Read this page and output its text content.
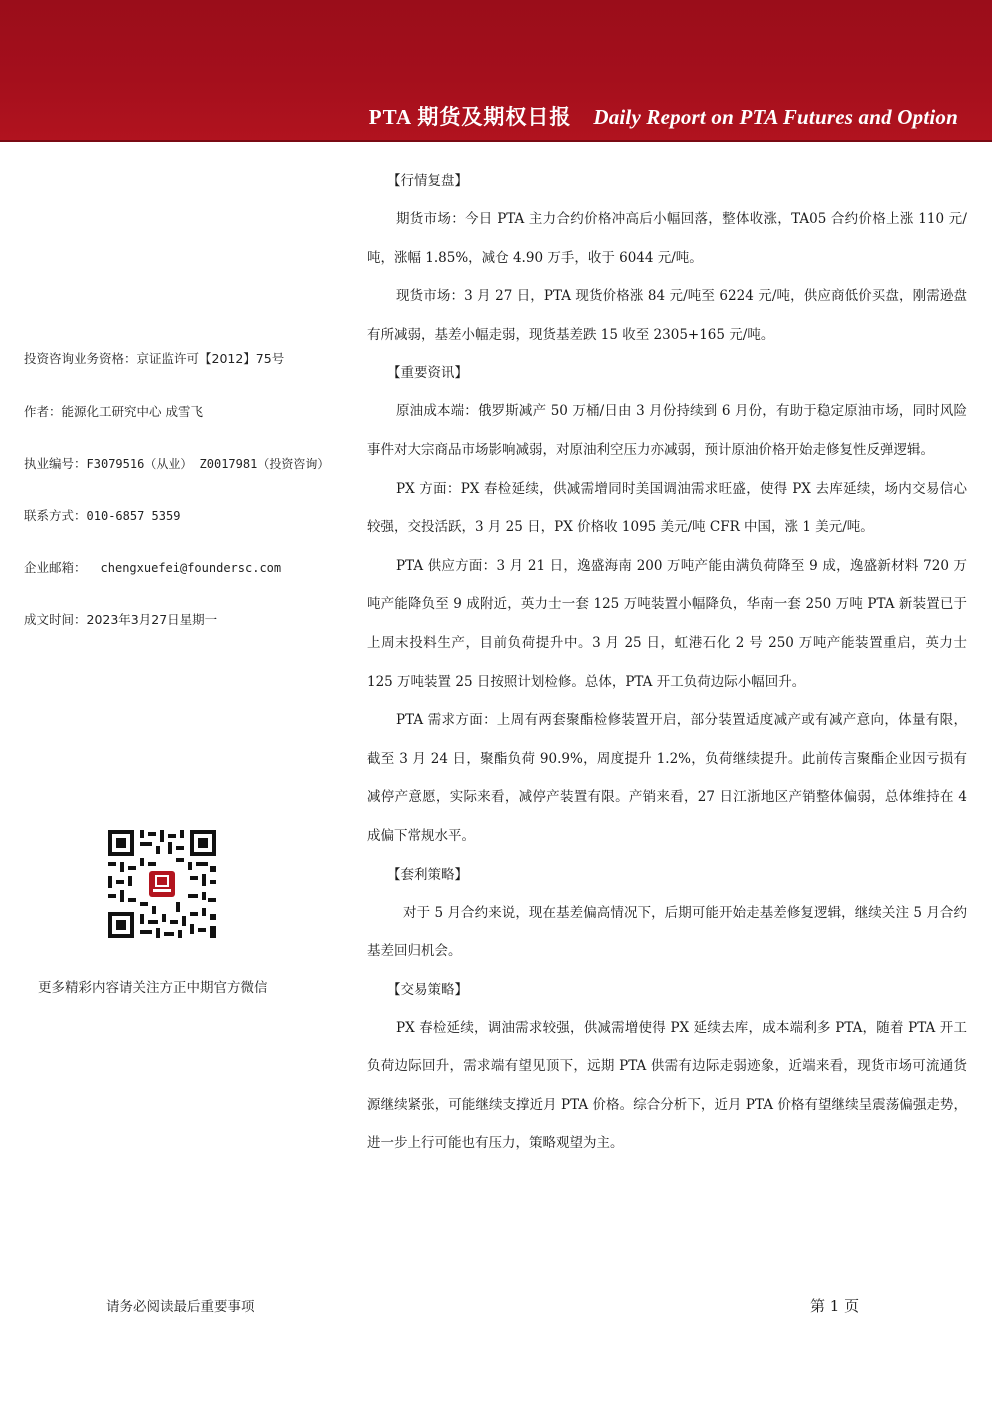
PTA 期货及期权日报 Daily Report on PTA Futures and Option
投资咨询业务资格：京证监许可【2012】75号
作者：能源化工研究中心 成雪飞
执业编号：F3079516（从业） Z0017981（投资咨询）
联系方式：010-6857 5359
企业邮箱： chengxuefei@foundersc.com
成文时间：2023年3月27日星期一
更多精彩内容请关注方正中期官方微信
【行情复盘】

期货市场：今日 PTA 主力合约价格冲高后小幅回落，整体收涨，TA05 合约价格上涨 110 元/吨，涨幅 1.85%，减仓 4.90 万手，收于 6044 元/吨。

现货市场：3 月 27 日，PTA 现货价格涨 84 元/吨至 6224 元/吨，供应商低价买盘，刚需逊盘有所减弱，基差小幅走弱，现货基差跌 15 收至 2305+165 元/吨。

【重要资讯】

原油成本端：俄罗斯减产 50 万桶/日由 3 月份持续到 6 月份，有助于稳定原油市场，同时风险事件对大宗商品市场影响减弱，对原油利空压力亦减弱，预计原油价格开始走修复性反弹逻辑。

PX 方面：PX 春检延续，供减需增同时美国调油需求旺盛，使得 PX 去库延续，场内交易信心较强，交投活跃，3 月 25 日，PX 价格收 1095 美元/吨 CFR 中国，涨 1 美元/吨。

PTA 供应方面：3 月 21 日，逸盛海南 200 万吨产能由满负荷降至 9 成，逸盛新材料 720 万吨产能降负至 9 成附近，英力士一套 125 万吨装置小幅降负，华南一套 250 万吨 PTA 新装置已于上周末投料生产，目前负荷提升中。3 月 25 日，虹港石化 2 号 250 万吨产能装置重启，英力士 125 万吨装置 25 日按照计划检修。总体，PTA 开工负荷边际小幅回升。

PTA 需求方面：上周有两套聚酯检修装置开启，部分装置适度减产或有减产意向，体量有限，截至 3 月 24 日，聚酯负荷 90.9%，周度提升 1.2%，负荷继续提升。此前传言聚酯企业因亏损有减停产意愿，实际来看，减停产装置有限。产销来看，27 日江浙地区产销整体偏弱，总体维持在 4 成偏下常规水平。

【套利策略】

对于 5 月合约来说，现在基差偏高情况下，后期可能开始走基差修复逻辑，继续关注 5 月合约基差回归机会。

【交易策略】

PX 春检延续，调油需求较强，供减需增使得 PX 延续去库，成本端利多 PTA，随着 PTA 开工负荷边际回升，需求端有望见顶下，远期 PTA 供需有边际走弱迹象，近端来看，现货市场可流通货源继续紧张，可能继续支撑近月 PTA 价格。综合分析下，近月 PTA 价格有望继续呈震荡偏强走势，进一步上行可能也有压力，策略观望为主。

请务必阅读最后重要事项	第 1 页
